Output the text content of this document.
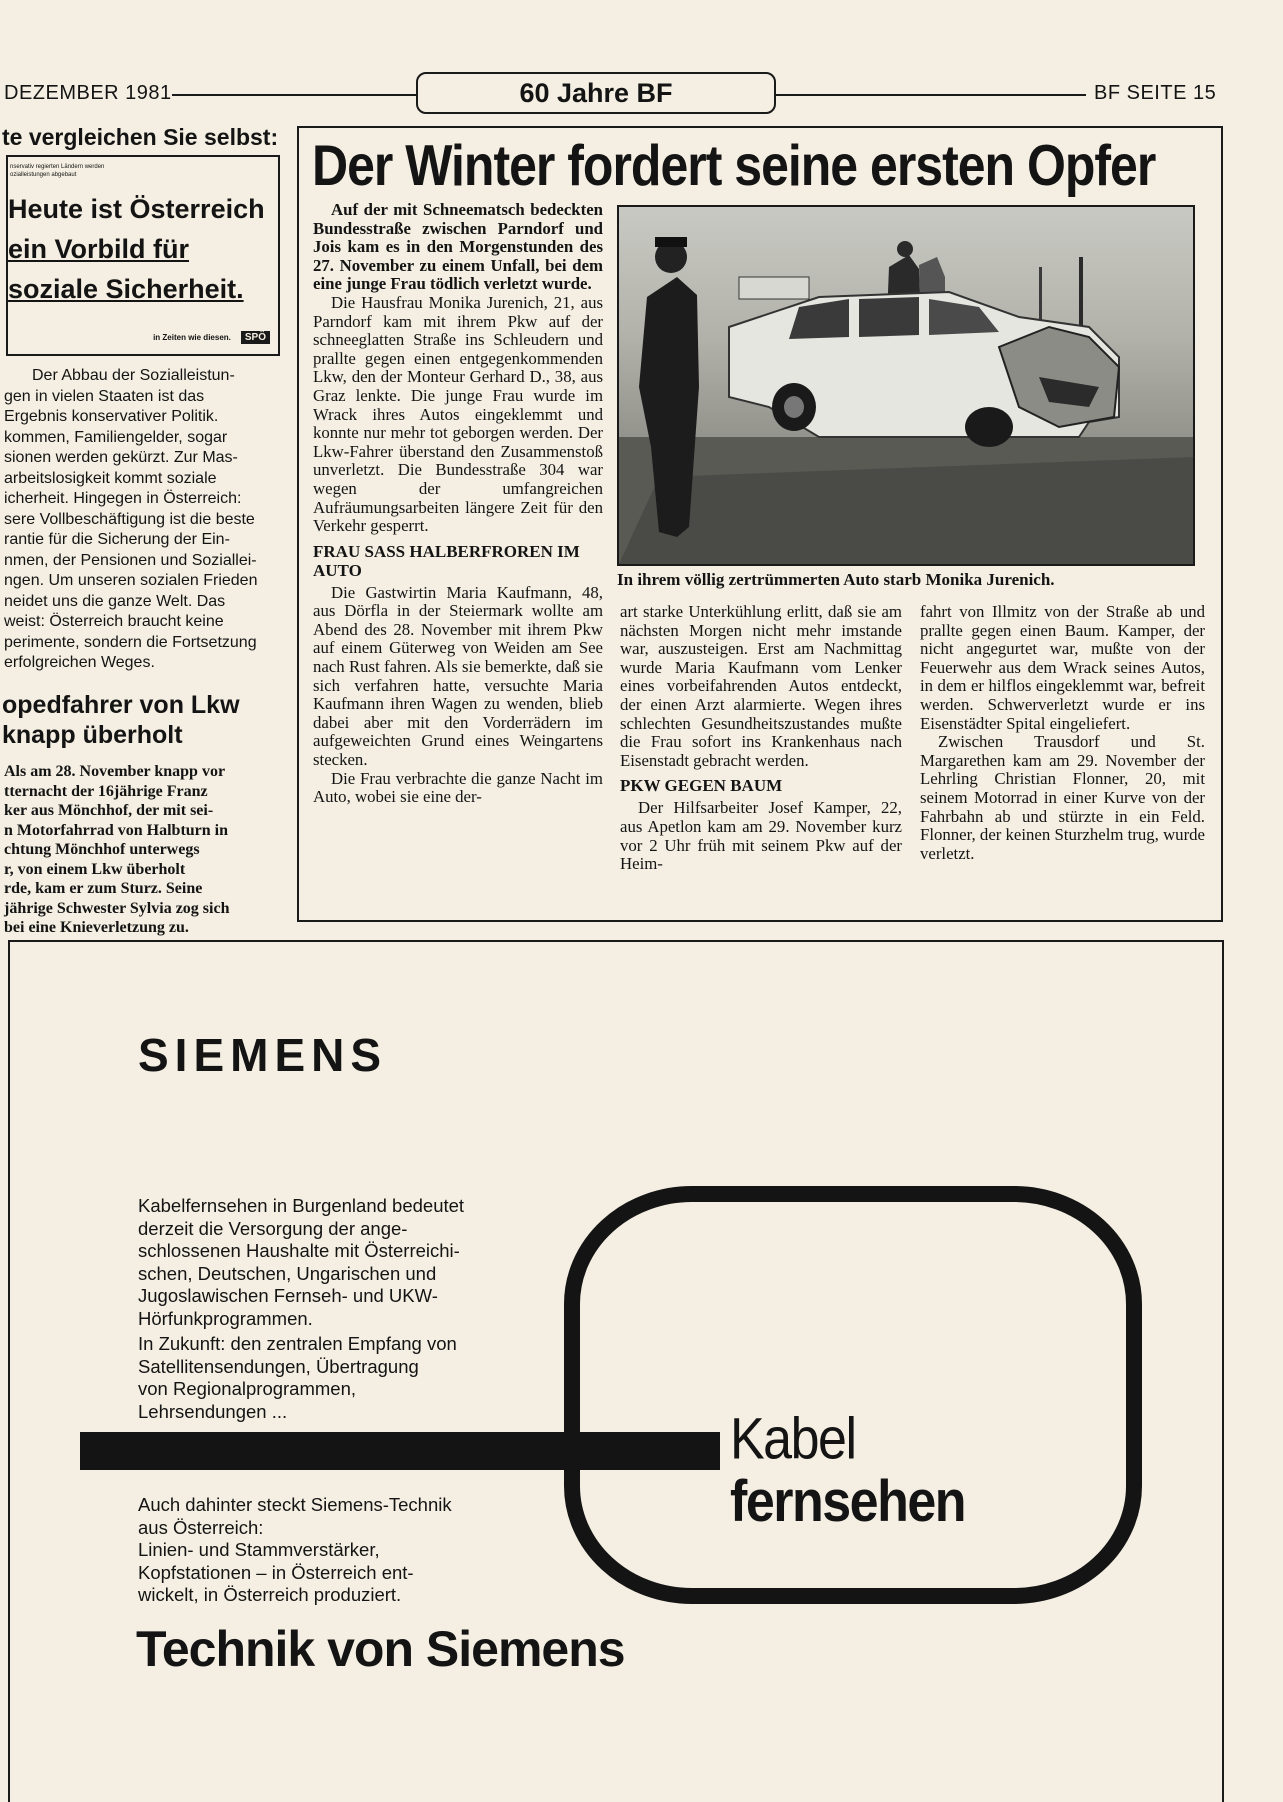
DEZEMBER 1981	60 Jahre BF	BF SEITE 15
te vergleichen Sie selbst:
nservativ regierten Ländern werden
ozialleistungen abgebaut
Heute ist Österreich
ein Vorbild für
soziale Sicherheit.
in Zeiten wie diesen.	SPÖ

Der Abbau der Sozialleistun-

gen in vielen Staaten ist das

Ergebnis konservativer Politik.

kommen, Familiengelder, sogar

sionen werden gekürzt. Zur Mas-

arbeitslosigkeit kommt soziale

icherheit. Hingegen in Österreich:

sere Vollbeschäftigung ist die beste

rantie für die Sicherung der Ein-

nmen, der Pensionen und Soziallei-

ngen. Um unseren sozialen Frieden

neidet uns die ganze Welt. Das

weist: Österreich braucht keine

perimente, sondern die Fortsetzung

erfolgreichen Weges.

opedfahrer von Lkw
knapp überholt

Als am 28. November knapp vor

tternacht der 16jährige Franz

ker aus Mönchhof, der mit sei-

n Motorfahrrad von Halbturn in

chtung Mönchhof unterwegs

r, von einem Lkw überholt

rde, kam er zum Sturz. Seine

jährige Schwester Sylvia zog sich

bei eine Knieverletzung zu.

Der Winter fordert seine ersten Opfer

Auf der mit Schneematsch bedeckten Bundesstraße zwischen Parndorf und Jois kam es in den Morgenstunden des 27. November zu einem Unfall, bei dem eine junge Frau tödlich verletzt wurde.

Die Hausfrau Monika Jurenich, 21, aus Parndorf kam mit ihrem Pkw auf der schneeglatten Straße ins Schleudern und prallte gegen einen entgegenkommenden Lkw, den der Monteur Gerhard D., 38, aus Graz lenkte. Die junge Frau wurde im Wrack ihres Autos eingeklemmt und konnte nur mehr tot geborgen werden. Der Lkw-Fahrer überstand den Zusammenstoß unverletzt. Die Bundesstraße 304 war wegen der umfangreichen Aufräumungsarbeiten längere Zeit für den Verkehr gesperrt.

FRAU SASS HALBERFROREN IM AUTO

Die Gastwirtin Maria Kaufmann, 48, aus Dörfla in der Steiermark wollte am Abend des 28. November mit ihrem Pkw auf einem Güterweg von Weiden am See nach Rust fahren. Als sie bemerkte, daß sie sich verfahren hatte, versuchte Maria Kaufmann ihren Wagen zu wenden, blieb dabei aber mit den Vorderrädern im aufgeweichten Grund eines Weingartens stecken.

Die Frau verbrachte die ganze Nacht im Auto, wobei sie eine der-

In ihrem völlig zertrümmerten Auto starb Monika Jurenich.

art starke Unterkühlung erlitt, daß sie am nächsten Morgen nicht mehr imstande war, auszusteigen. Erst am Nachmittag wurde Maria Kaufmann vom Lenker eines vorbeifahrenden Autos entdeckt, der einen Arzt alarmierte. Wegen ihres schlechten Gesundheitszustandes mußte die Frau sofort ins Krankenhaus nach Eisenstadt gebracht werden.

PKW GEGEN BAUM

Der Hilfsarbeiter Josef Kamper, 22, aus Apetlon kam am 29. November kurz vor 2 Uhr früh mit seinem Pkw auf der Heim-

fahrt von Illmitz von der Straße ab und prallte gegen einen Baum. Kamper, der nicht angegurtet war, mußte von der Feuerwehr aus dem Wrack seines Autos, in dem er hilflos eingeklemmt war, befreit werden. Schwerverletzt wurde er ins Eisenstädter Spital eingeliefert.

Zwischen Trausdorf und St. Margarethen kam am 29. November der Lehrling Christian Flonner, 20, mit seinem Motorrad in einer Kurve von der Fahrbahn ab und stürzte in ein Feld. Flonner, der keinen Sturzhelm trug, wurde verletzt.

SIEMENS

Kabelfernsehen in Burgenland bedeutet

derzeit die Versorgung der ange-

schlossenen Haushalte mit Österreichi-

schen, Deutschen, Ungarischen und

Jugoslawischen Fernseh- und UKW-

Hörfunkprogrammen.

In Zukunft: den zentralen Empfang von

Satellitensendungen, Übertragung

von Regionalprogrammen,

Lehrsendungen ...	Kabel
fernsehen

Auch dahinter steckt Siemens-Technik

aus Österreich:

Linien- und Stammverstärker,

Kopfstationen – in Österreich ent-

wickelt, in Österreich produziert.

Technik von Siemens
